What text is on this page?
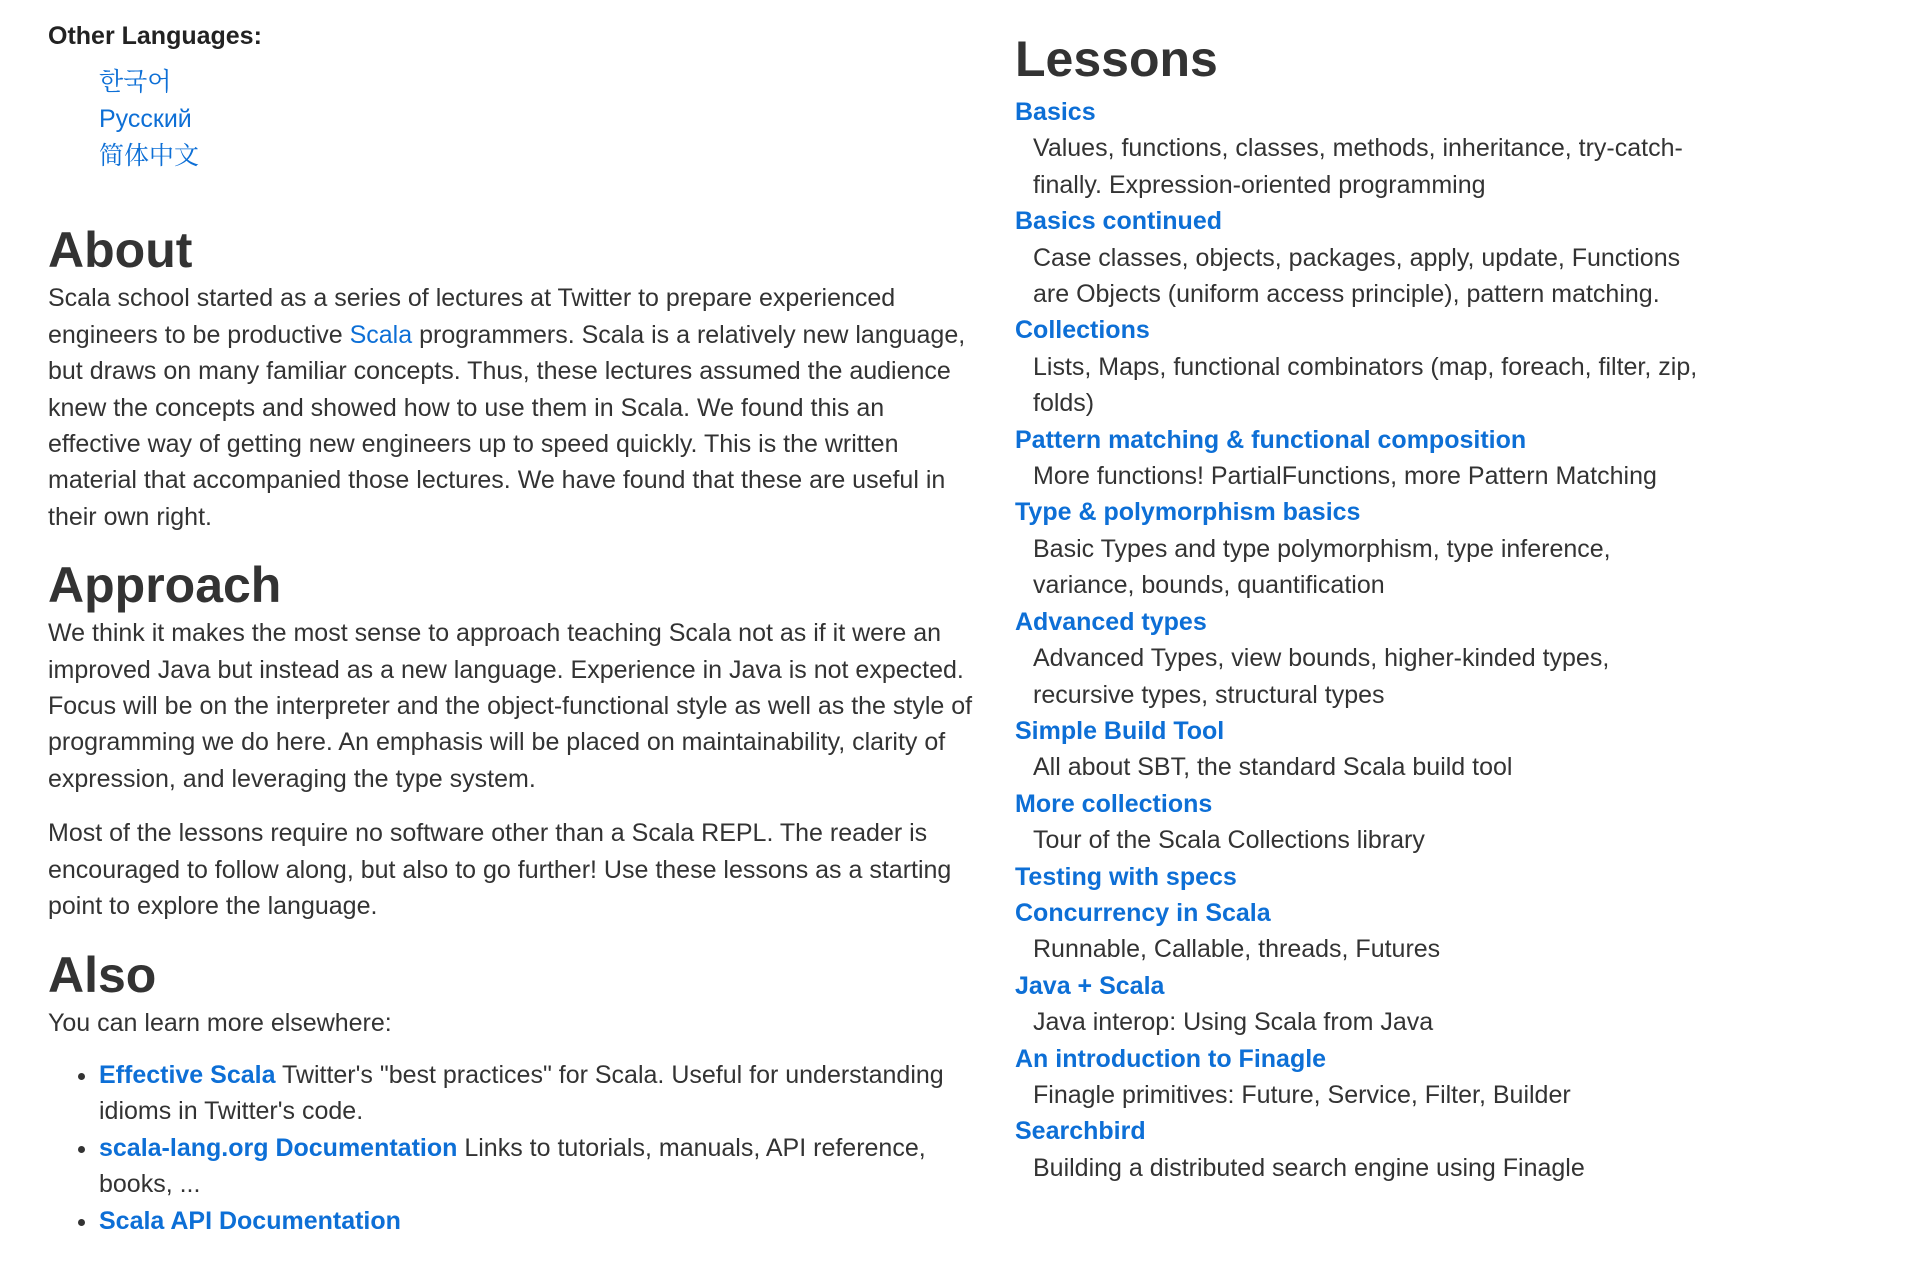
Other Languages:

한국어
Русский
简体中文
About

Scala school started as a series of lectures at Twitter to prepare experienced engineers to be productive Scala programmers. Scala is a relatively new language, but draws on many familiar concepts. Thus, these lectures assumed the audience knew the concepts and showed how to use them in Scala. We found this an effective way of getting new engineers up to speed quickly. This is the written material that accompanied those lectures. We have found that these are useful in their own right.

Approach

We think it makes the most sense to approach teaching Scala not as if it were an improved Java but instead as a new language. Experience in Java is not expected. Focus will be on the interpreter and the object-functional style as well as the style of programming we do here. An emphasis will be placed on maintainability, clarity of expression, and leveraging the type system.

Most of the lessons require no software other than a Scala REPL. The reader is encouraged to follow along, but also to go further! Use these lessons as a starting point to explore the language.

Also

You can learn more elsewhere:

• Effective Scala Twitter's "best practices" for Scala. Useful for understanding idioms in Twitter's code.
• scala-lang.org Documentation Links to tutorials, manuals, API reference, books, ...
• Scala API Documentation
Lessons
Basics
Values, functions, classes, methods, inheritance, try-catch-finally. Expression-oriented programming
Basics continued
Case classes, objects, packages, apply, update, Functions are Objects (uniform access principle), pattern matching.
Collections
Lists, Maps, functional combinators (map, foreach, filter, zip, folds)
Pattern matching & functional composition
More functions! PartialFunctions, more Pattern Matching
Type & polymorphism basics
Basic Types and type polymorphism, type inference, variance, bounds, quantification
Advanced types
Advanced Types, view bounds, higher-kinded types, recursive types, structural types
Simple Build Tool
All about SBT, the standard Scala build tool
More collections
Tour of the Scala Collections library
Testing with specs
Concurrency in Scala
Runnable, Callable, threads, Futures
Java + Scala
Java interop: Using Scala from Java
An introduction to Finagle
Finagle primitives: Future, Service, Filter, Builder
Searchbird
Building a distributed search engine using Finagle
